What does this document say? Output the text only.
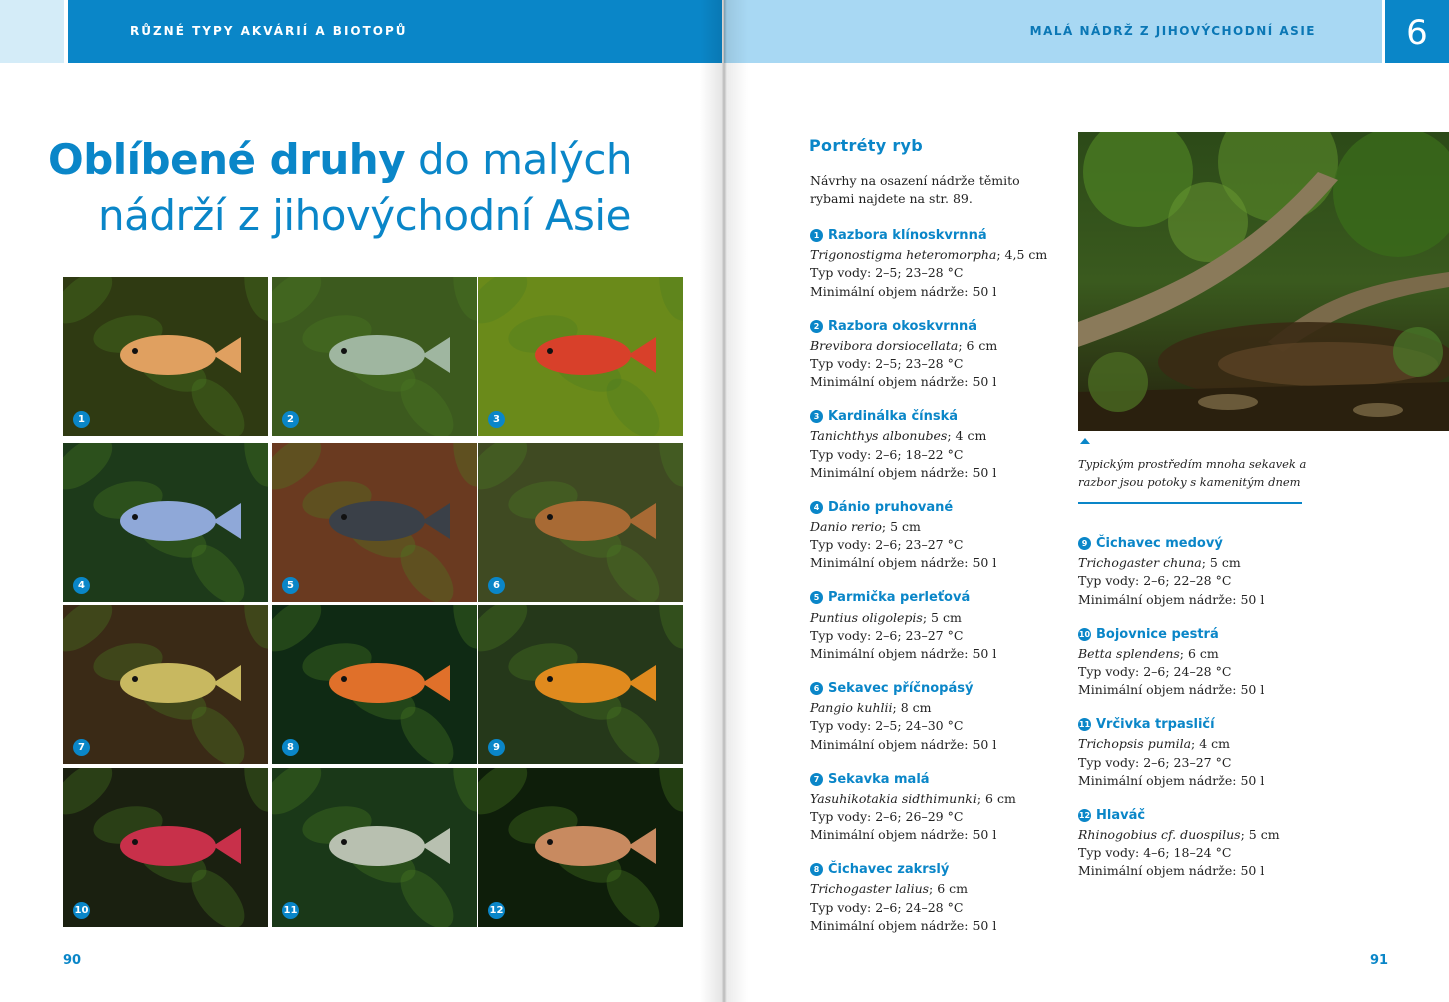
RŮZNÉ TYPY AKVÁRIÍ A BIOTOPŮ
Oblíbené druhy do malých
nádrží z jihovýchodní Asie
1	2	3
4	5	6
7	8	9
10	11	12
90
MALÁ NÁDRŽ Z JIHOVÝCHODNÍ ASIE	6
Portréty ryb
Návrhy na osazení nádrže těmito rybami najdete na str. 89.
1 Razbora klínoskvrnná
Trigonostigma heteromorpha; 4,5 cm
Typ vody: 2–5; 23–28 °C
Minimální objem nádrže: 50 l
2 Razbora okoskvrnná
Brevibora dorsiocellata; 6 cm
Typ vody: 2–5; 23–28 °C
Minimální objem nádrže: 50 l
3 Kardinálka čínská
Tanichthys albonubes; 4 cm
Typ vody: 2–6; 18–22 °C
Minimální objem nádrže: 50 l
4 Dánio pruhované
Danio rerio; 5 cm
Typ vody: 2–6; 23–27 °C
Minimální objem nádrže: 50 l
5 Parmička perleťová
Puntius oligolepis; 5 cm
Typ vody: 2–6; 23–27 °C
Minimální objem nádrže: 50 l
6 Sekavec příčnopásý
Pangio kuhlii; 8 cm
Typ vody: 2–5; 24–30 °C
Minimální objem nádrže: 50 l
7 Sekavka malá
Yasuhikotakia sidthimunki; 6 cm
Typ vody: 2–6; 26–29 °C
Minimální objem nádrže: 50 l
8 Čichavec zakrslý
Trichogaster lalius; 6 cm
Typ vody: 2–6; 24–28 °C
Minimální objem nádrže: 50 l
9 Čichavec medový
Trichogaster chuna; 5 cm
Typ vody: 2–6; 22–28 °C
Minimální objem nádrže: 50 l
10 Bojovnice pestrá
Betta splendens; 6 cm
Typ vody: 2–6; 24–28 °C
Minimální objem nádrže: 50 l
11 Vrčivka trpasličí
Trichopsis pumila; 4 cm
Typ vody: 2–6; 23–27 °C
Minimální objem nádrže: 50 l
12 Hlaváč
Rhinogobius cf. duospilus; 5 cm
Typ vody: 4–6; 18–24 °C
Minimální objem nádrže: 50 l
Typickým prostředím mnoha sekavek a razbor jsou potoky s kamenitým dnem
91
